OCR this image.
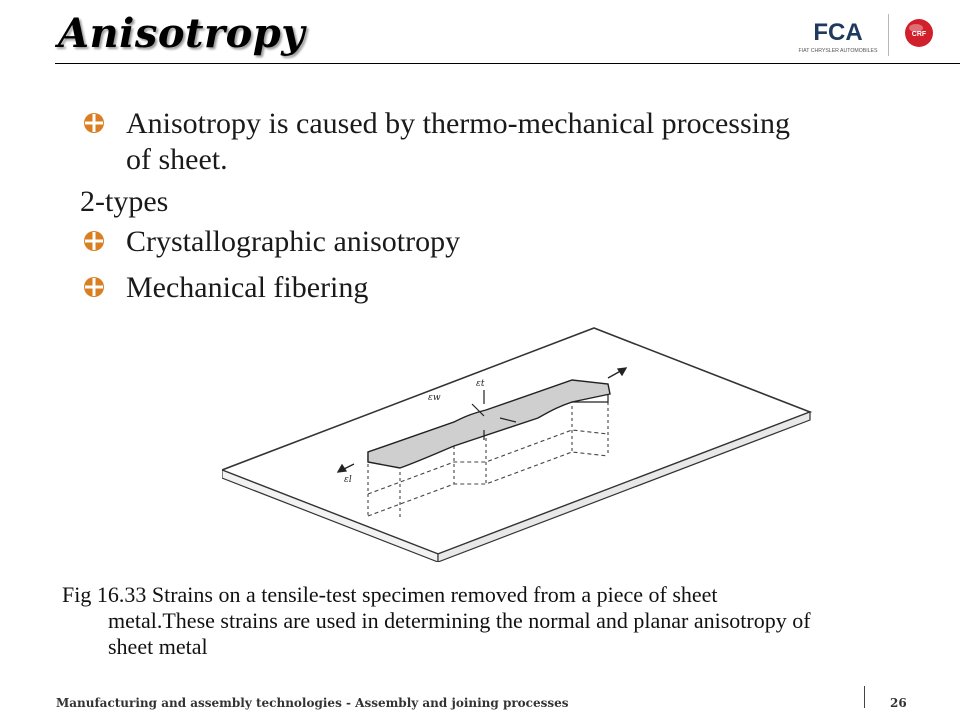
Anisotropy	FCA
FIAT CHRYSLER AUTOMOBILES
CRF
Anisotropy is caused by thermo-mechanical processing
of sheet.
2-types
Crystallographic anisotropy
Mechanical fibering
εw
εt
εl
Fig 16.33 Strains on a tensile-test specimen removed from a piece of sheet
metal.These strains are used in determining the normal and planar anisotropy of
sheet metal
Manufacturing and assembly technologies - Assembly and joining processes	26
